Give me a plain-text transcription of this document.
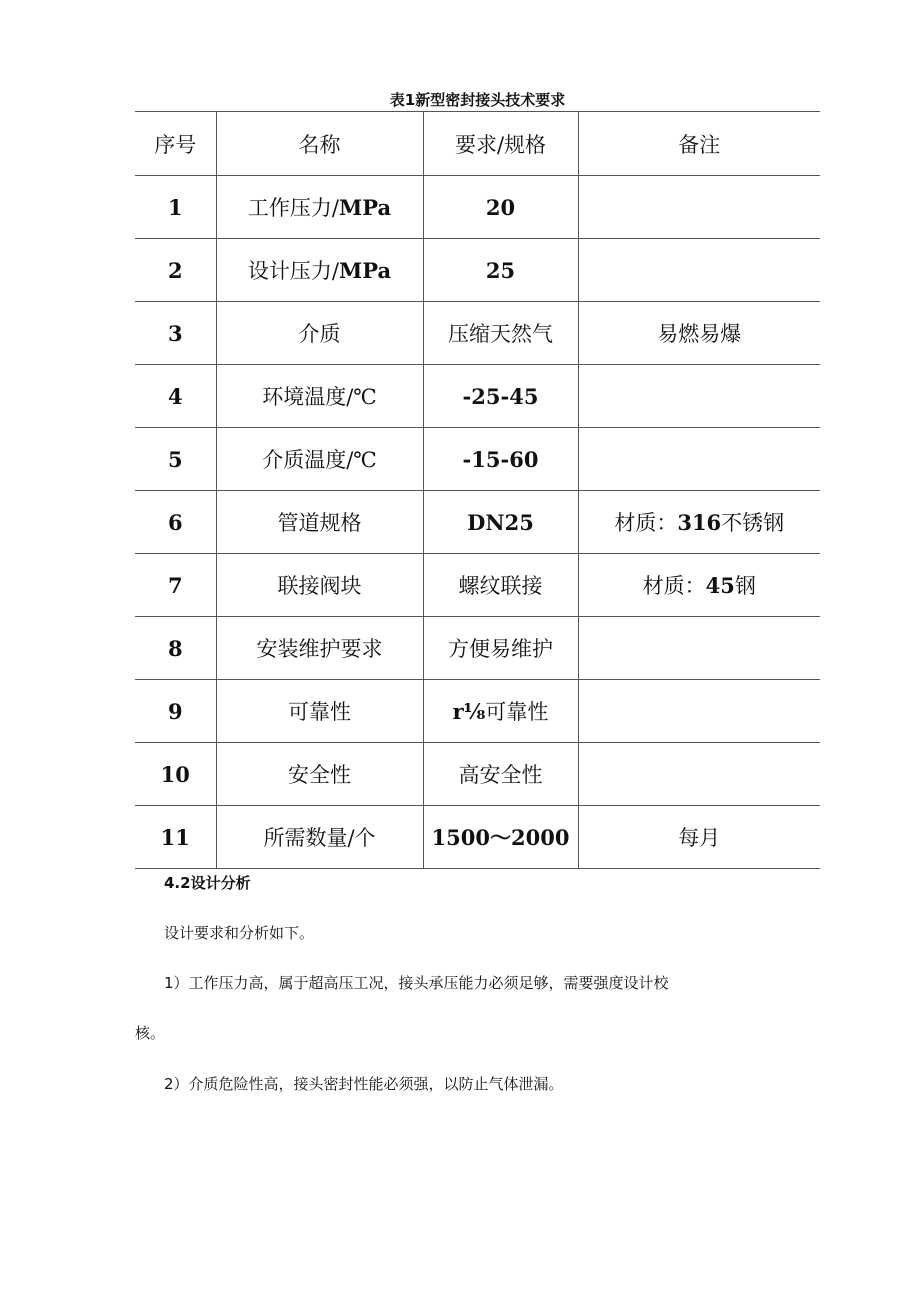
表1新型密封接头技术要求
序号	名称	要求/规格	备注
1	工作压力/MPa	20	
2	设计压力/MPa	25	
3	介质	压缩天然气	易燃易爆
4	环境温度/℃	-25-45	
5	介质温度/℃	-15-60	
6	管道规格	DN25	材质：316不锈钢
7	联接阀块	螺纹联接	材质：45钢
8	安装维护要求	方便易维护	
9	可靠性	r⅛可靠性	
10	安全性	高安全性	
11	所需数量/个	1500～2000	每月
4.2设计分析
设计要求和分析如下。
1）工作压力高，属于超高压工况，接头承压能力必须足够，需要强度设计校
核。
2）介质危险性高，接头密封性能必须强，以防止气体泄漏。
